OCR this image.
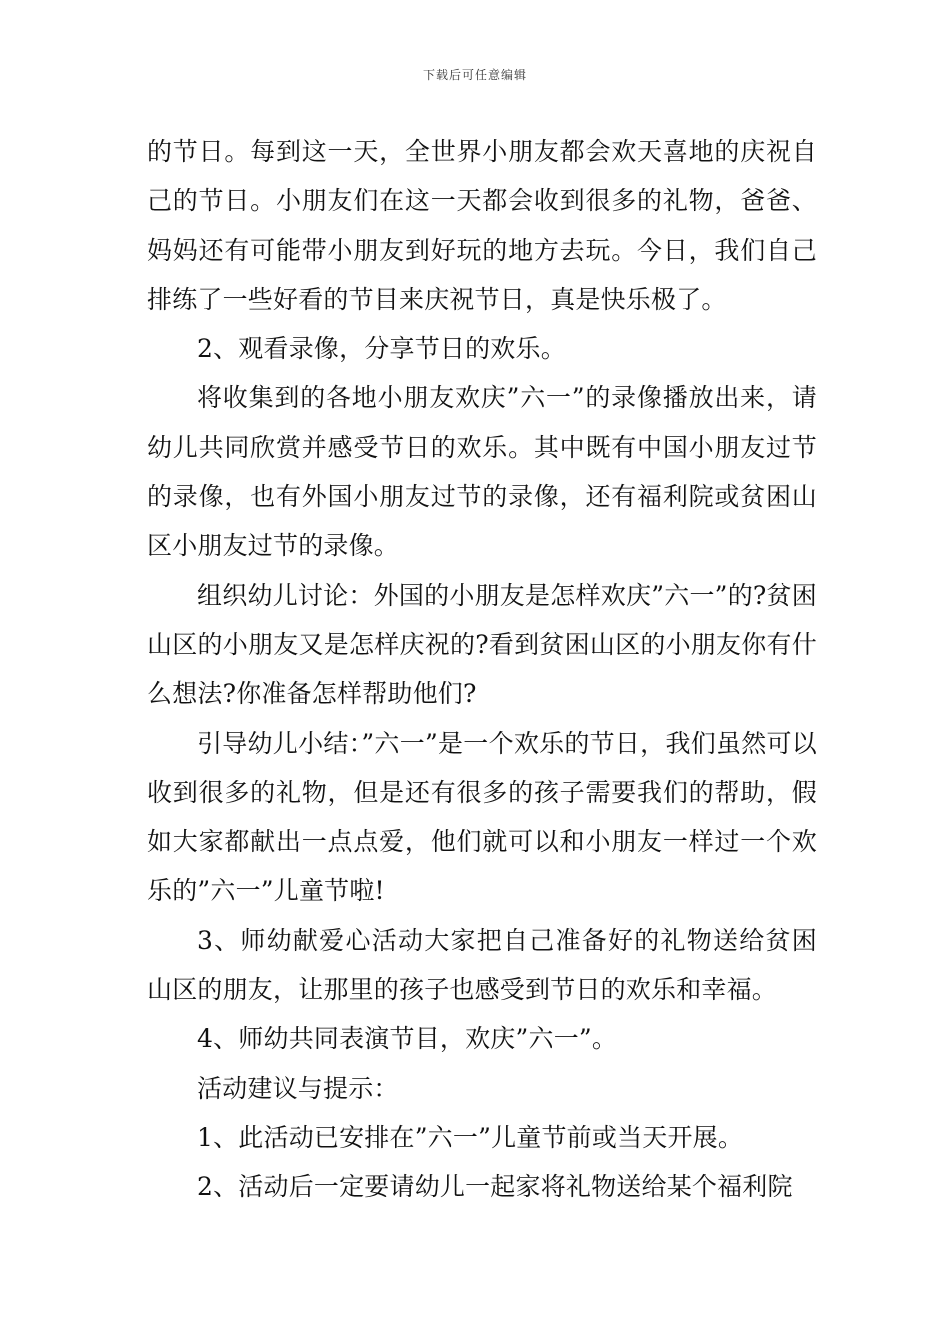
下载后可任意编辑

的节日。每到这一天，全世界小朋友都会欢天喜地的庆祝自己的节日。小朋友们在这一天都会收到很多的礼物，爸爸、妈妈还有可能带小朋友到好玩的地方去玩。今日，我们自己排练了一些好看的节目来庆祝节日，真是快乐极了。

2、观看录像，分享节日的欢乐。

将收集到的各地小朋友欢庆”六一”的录像播放出来，请幼儿共同欣赏并感受节日的欢乐。其中既有中国小朋友过节的录像，也有外国小朋友过节的录像，还有福利院或贫困山区小朋友过节的录像。

组织幼儿讨论：外国的小朋友是怎样欢庆”六一”的?贫困山区的小朋友又是怎样庆祝的?看到贫困山区的小朋友你有什么想法?你准备怎样帮助他们?

引导幼儿小结：”六一”是一个欢乐的节日，我们虽然可以收到很多的礼物，但是还有很多的孩子需要我们的帮助，假如大家都献出一点点爱，他们就可以和小朋友一样过一个欢乐的”六一”儿童节啦!

3、师幼献爱心活动大家把自己准备好的礼物送给贫困山区的朋友，让那里的孩子也感受到节日的欢乐和幸福。

4、师幼共同表演节目，欢庆”六一”。

活动建议与提示：

1、此活动已安排在”六一”儿童节前或当天开展。

2、活动后一定要请幼儿一起家将礼物送给某个福利院
